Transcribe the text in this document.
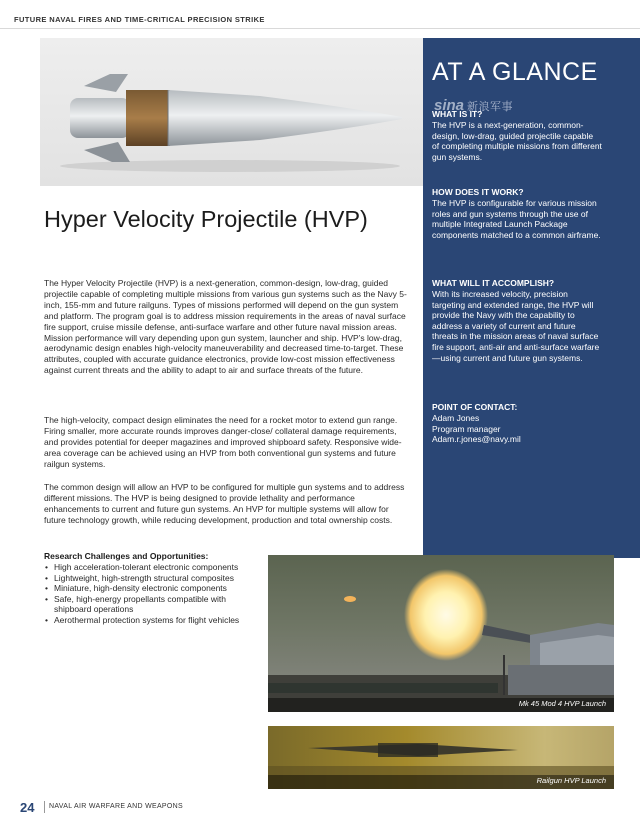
FUTURE NAVAL FIRES AND TIME-CRITICAL PRECISION STRIKE
AT A GLANCE
sina 新浪军事
WHAT IS IT?
The HVP is a next-generation, common-design, low-drag, guided projectile capable of completing multiple missions from different gun systems.
HOW DOES IT WORK?
The HVP is configurable for various mission roles and gun systems through the use of multiple Integrated Launch Package components matched to a common airframe.
WHAT WILL IT ACCOMPLISH?
With its increased velocity, precision targeting and extended range, the HVP will provide the Navy with the capability to address a variety of current and future threats in the mission areas of naval surface fire support, anti-air and anti-surface warfare—using current and future gun systems.
POINT OF CONTACT:
Adam Jones
Program manager
Adam.r.jones@navy.mil
Hyper Velocity Projectile (HVP)

The Hyper Velocity Projectile (HVP) is a next-generation, common-design, low-drag, guided projectile capable of completing multiple missions from various gun systems such as the Navy 5-inch, 155-mm and future railguns. Types of missions performed will depend on the gun system and platform. The program goal is to address mission requirements in the areas of naval surface fire support, cruise missile defense, anti-surface warfare and other future naval mission areas. Mission performance will vary depending upon gun system, launcher and ship. HVP’s low-drag, aerodynamic design enables high-velocity maneuverability and decreased time-to-target. These attributes, coupled with accurate guidance electronics, provide low-cost mission effectiveness against current threats and the ability to adapt to air and surface threats of the future.

The high-velocity, compact design eliminates the need for a rocket motor to extend gun range. Firing smaller, more accurate rounds improves danger-close/ collateral damage requirements, and provides potential for deeper magazines and improved shipboard safety. Responsive wide-area coverage can be achieved using an HVP from both conventional gun systems and future railgun systems.

The common design will allow an HVP to be configured for multiple gun systems and to address different missions. The HVP is being designed to provide lethality and performance enhancements to current and future gun systems. An HVP for multiple systems will allow for future technology growth, while reducing development, production and total ownership costs.

Research Challenges and Opportunities:
• High acceleration-tolerant electronic components
• Lightweight, high-strength structural composites
• Miniature, high-density electronic components
• Safe, high-energy propellants compatible with shipboard operations
• Aerothermal protection systems for flight vehicles
Mk 45 Mod 4 HVP Launch
Railgun HVP Launch
24 NAVAL AIR WARFARE AND WEAPONS
